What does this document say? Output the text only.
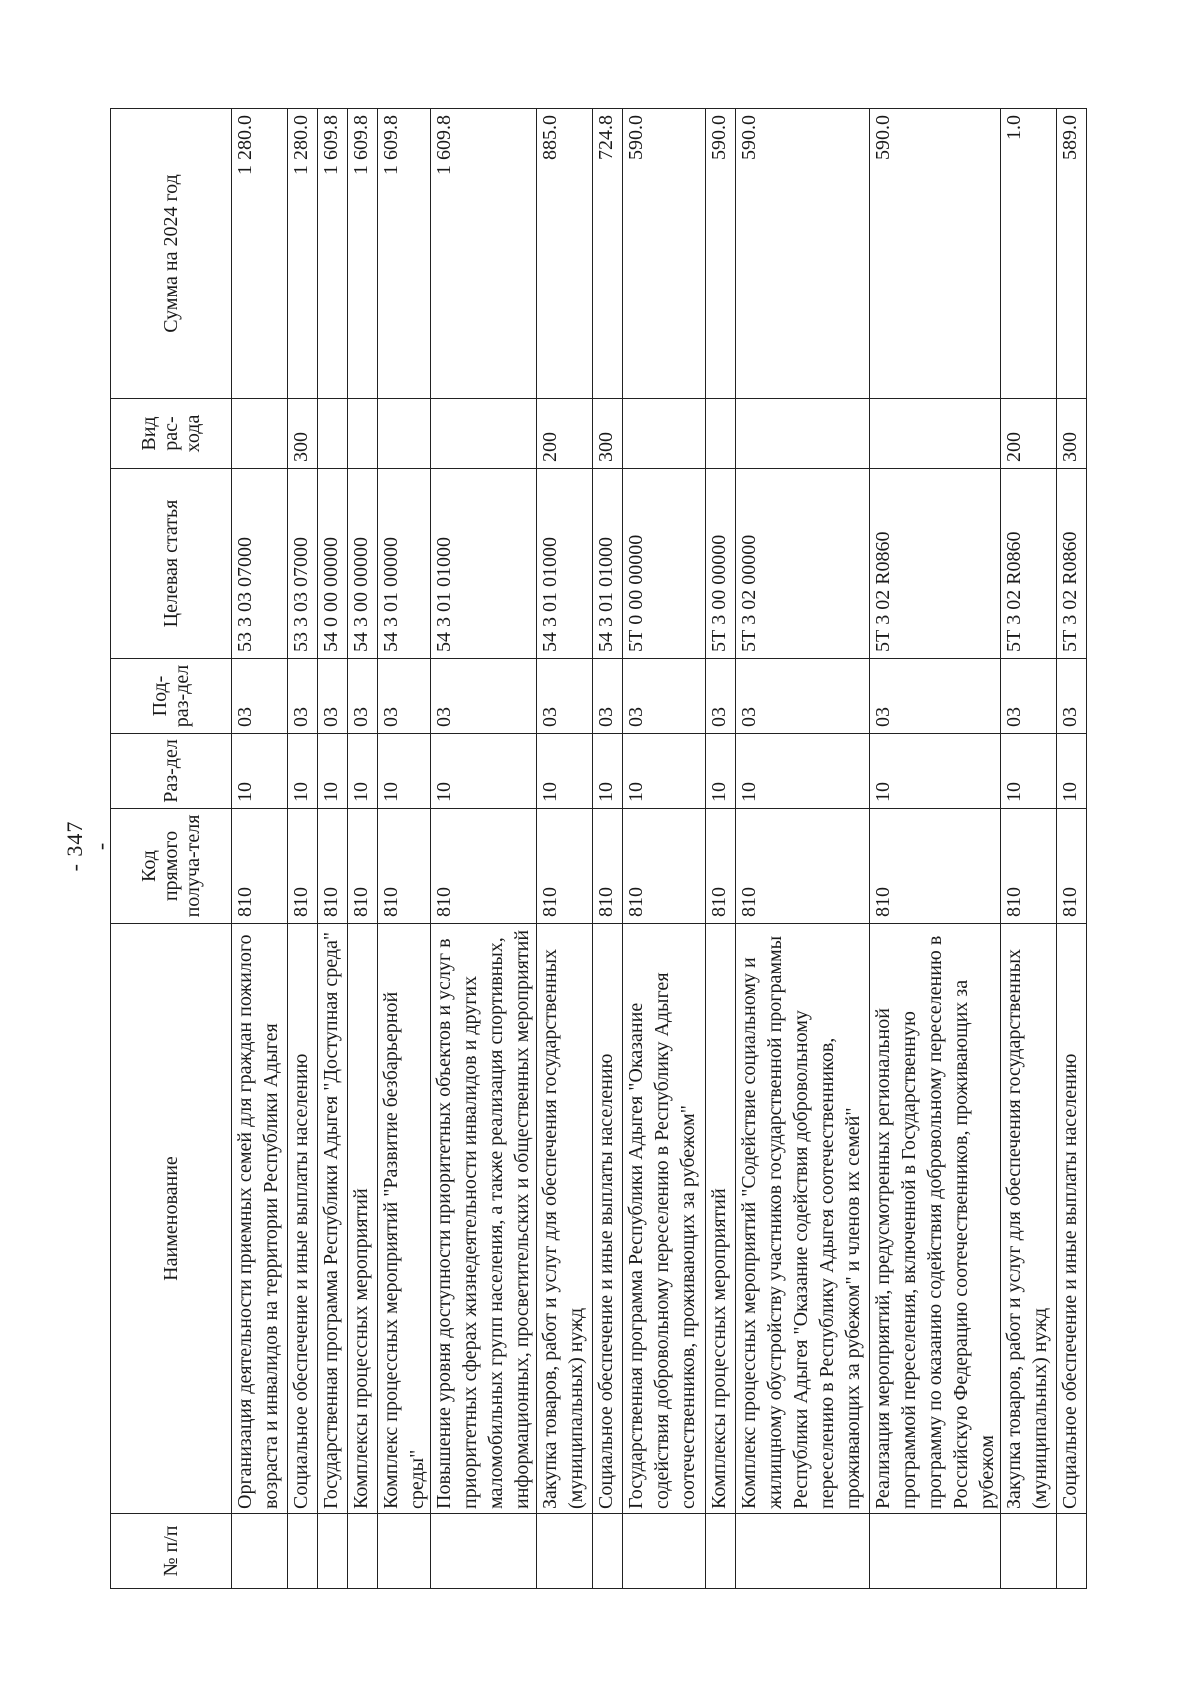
- 347 -
№ п/п	Наименование	Код прямого получа-теля	Раз-дел	Под-раз-дел	Целевая статья	Вид рас-хода	Сумма на 2024 год
	Организация деятельности приемных семей для граждан пожилого возраста и инвалидов на территории Республики Адыгея	810	10	03	53 3 03 07000		1 280.0
	Социальное обеспечение и иные выплаты населению	810	10	03	53 3 03 07000	300	1 280.0
	Государственная программа Республики Адыгея "Доступная среда"	810	10	03	54 0 00 00000		1 609.8
	Комплексы процессных мероприятий	810	10	03	54 3 00 00000		1 609.8
	Комплекс процессных мероприятий "Развитие безбарьерной среды"	810	10	03	54 3 01 00000		1 609.8
	Повышение уровня доступности приоритетных объектов и услуг в приоритетных сферах жизнедеятельности инвалидов и других маломобильных групп населения, а также реализация спортивных, информационных, просветительских и общественных мероприятий	810	10	03	54 3 01 01000		1 609.8
	Закупка товаров, работ и услуг для обеспечения государственных (муниципальных) нужд	810	10	03	54 3 01 01000	200	885.0
	Социальное обеспечение и иные выплаты населению	810	10	03	54 3 01 01000	300	724.8
	Государственная программа Республики Адыгея "Оказание содействия добровольному переселению в Республику Адыгея соотечественников, проживающих за рубежом"	810	10	03	5Т 0 00 00000		590.0
	Комплексы процессных мероприятий	810	10	03	5Т 3 00 00000		590.0
	Комплекс процессных мероприятий "Содействие социальному и жилищному обустройству участников государственной программы Республики Адыгея "Оказание содействия добровольному переселению в Республику Адыгея соотечественников, проживающих за рубежом" и членов их семей"	810	10	03	5Т 3 02 00000		590.0
	Реализация мероприятий, предусмотренных региональной программой переселения, включенной в Государственную программу по оказанию содействия добровольному переселению в Российскую Федерацию соотечественников, проживающих за рубежом	810	10	03	5Т 3 02 R0860		590.0
	Закупка товаров, работ и услуг для обеспечения государственных (муниципальных) нужд	810	10	03	5Т 3 02 R0860	200	1.0
	Социальное обеспечение и иные выплаты населению	810	10	03	5Т 3 02 R0860	300	589.0
